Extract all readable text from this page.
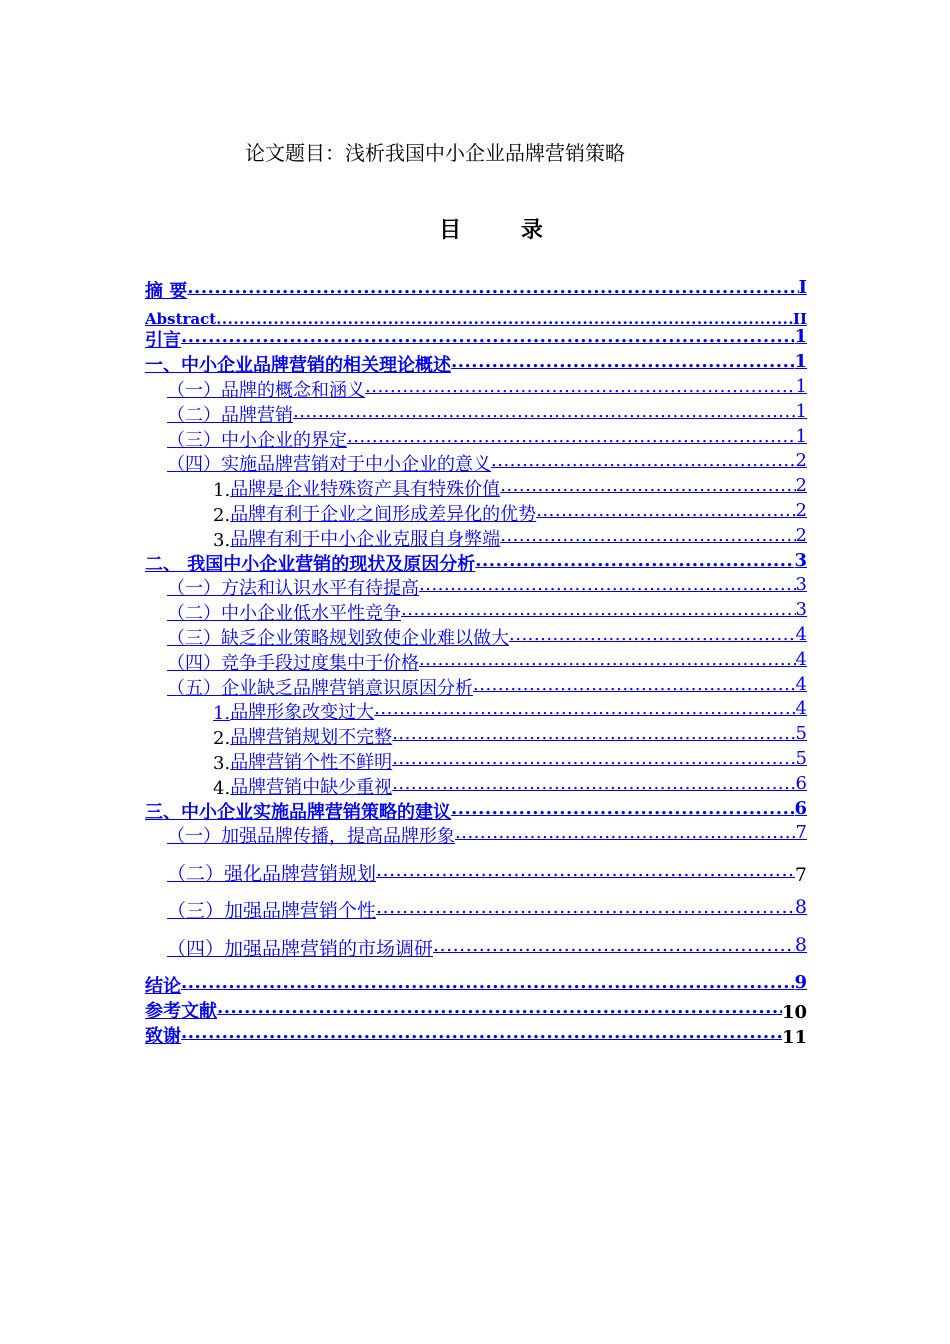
论文题目：浅析我国中小企业品牌营销策略
目 录
摘 要 .....	I
Abstract .....	II
引言 .....	1
一、中小企业品牌营销的相关理论概述 .....	1
（一）品牌的概念和涵义 .....	1
（二）品牌营销 .....	1
（三）中小企业的界定 .....	1
（四）实施品牌营销对于中小企业的意义 .....	2
1. 品牌是企业特殊资产具有特殊价值 .....	2
2. 品牌有利于企业之间形成差异化的优势 .....	2
3. 品牌有利于中小企业克服自身弊端 .....	2
二、 我国中小企业营销的现状及原因分析 .....	3
（一）方法和认识水平有待提高 .....	3
（二）中小企业低水平性竞争 .....	3
（三）缺乏企业策略规划致使企业难以做大 .....	4
（四）竞争手段过度集中于价格 .....	4
（五）企业缺乏品牌营销意识原因分析 .....	4
1. 品牌形象改变过大 .....	4
2. 品牌营销规划不完整 .....	5
3. 品牌营销个性不鲜明 .....	5
4. 品牌营销中缺少重视 .....	6
三、中小企业实施品牌营销策略的建议 .....	6
（一）加强品牌传播，提高品牌形象 .....	7
（二）强化品牌营销规划 .....	7
（三）加强品牌营销个性 .....	8
（四）加强品牌营销的市场调研 .....	8
结论 .....	9
参考文献 .....	10
致谢 .....	11
